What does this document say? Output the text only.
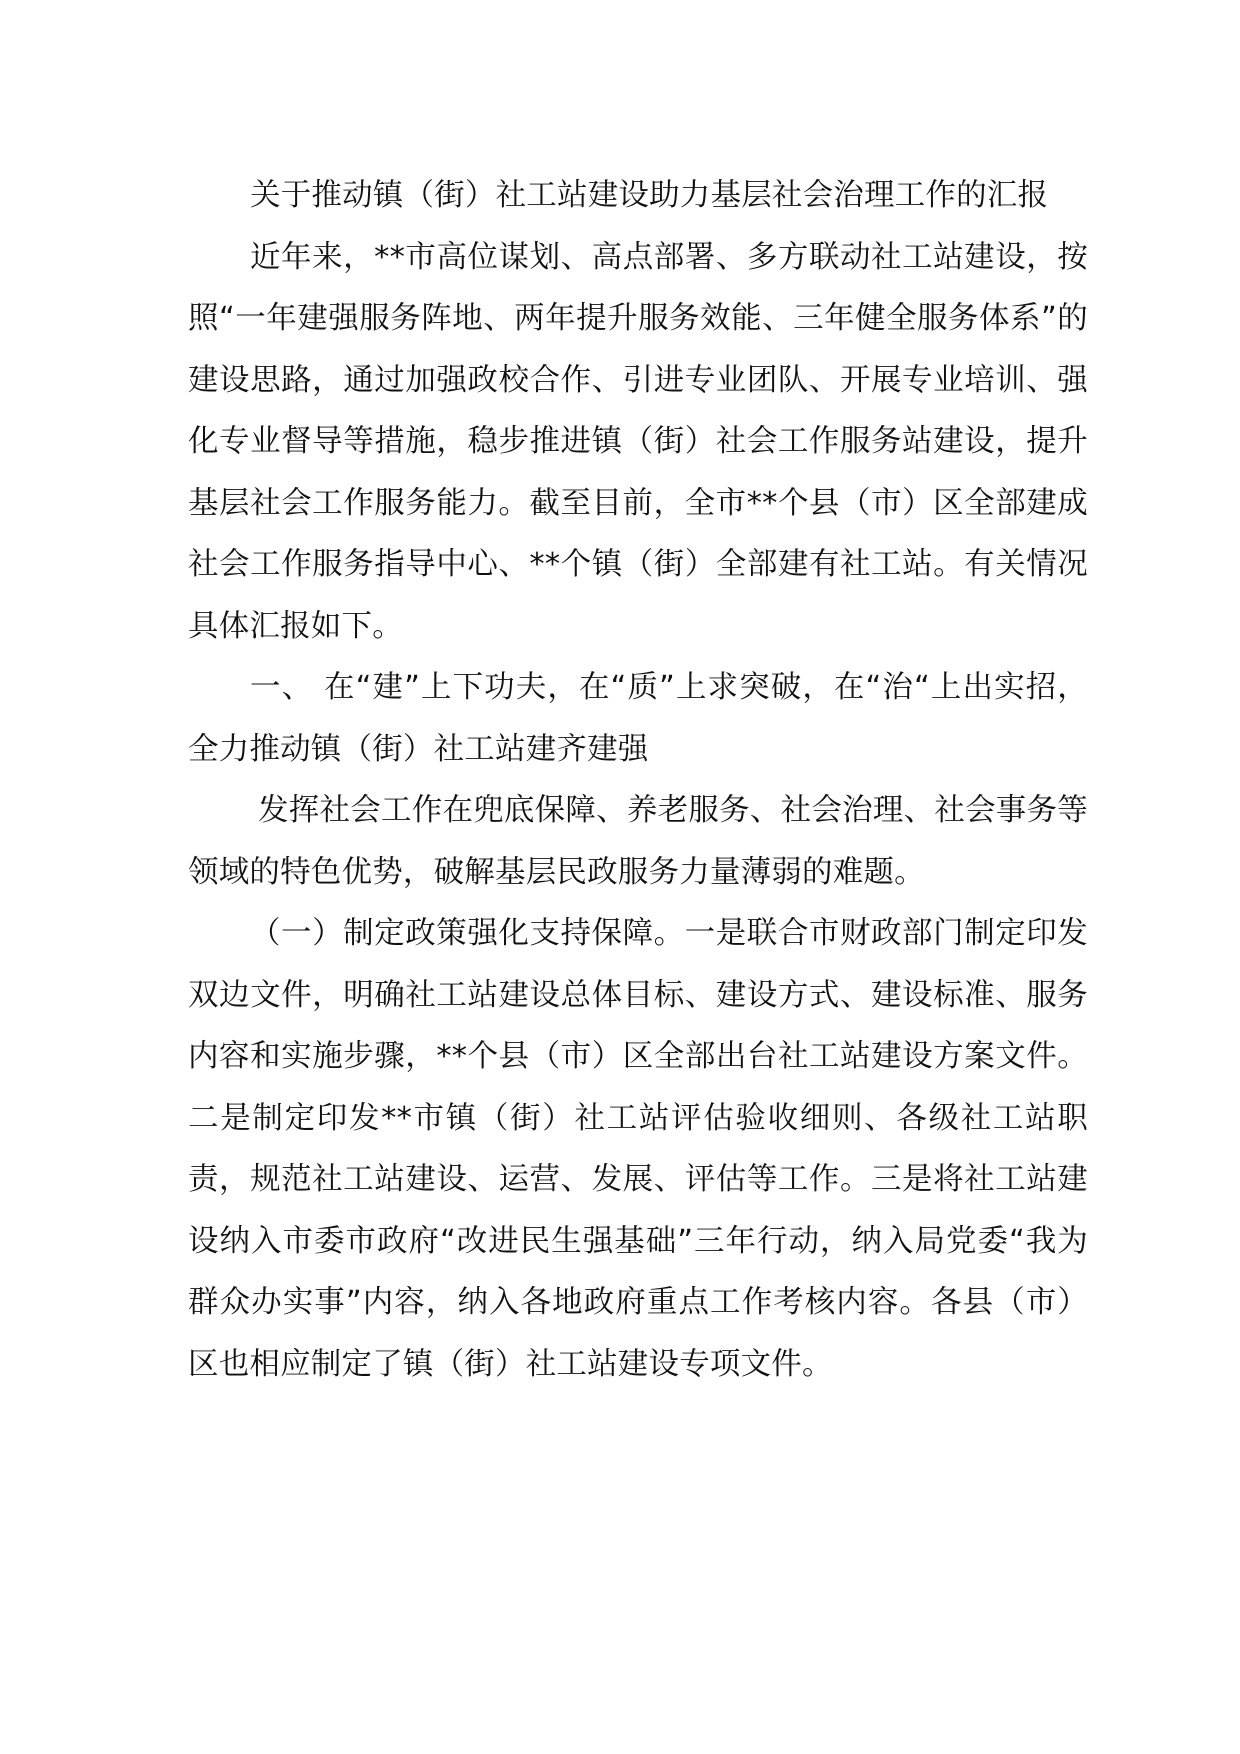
关于推动镇（街）社工站建设助力基层社会治理工作的汇报

近年来，**市高位谋划、高点部署、多方联动社工站建设，按照“一年建强服务阵地、两年提升服务效能、三年健全服务体系”的建设思路，通过加强政校合作、引进专业团队、开展专业培训、强化专业督导等措施，稳步推进镇（街）社会工作服务站建设，提升基层社会工作服务能力。截至目前，全市**个县（市）区全部建成社会工作服务指导中心、**个镇（街）全部建有社工站。有关情况具体汇报如下。

一、 在“建”上下功夫，在“质”上求突破，在“治“上出实招，全力推动镇（街）社工站建齐建强

发挥社会工作在兜底保障、养老服务、社会治理、社会事务等领域的特色优势，破解基层民政服务力量薄弱的难题。

（一）制定政策强化支持保障。一是联合市财政部门制定印发双边文件，明确社工站建设总体目标、建设方式、建设标准、服务内容和实施步骤，**个县（市）区全部出台社工站建设方案文件。二是制定印发**市镇（街）社工站评估验收细则、各级社工站职责，规范社工站建设、运营、发展、评估等工作。三是将社工站建设纳入市委市政府“改进民生强基础”三年行动，纳入局党委“我为群众办实事”内容，纳入各地政府重点工作考核内容。各县（市）区也相应制定了镇（街）社工站建设专项文件。
